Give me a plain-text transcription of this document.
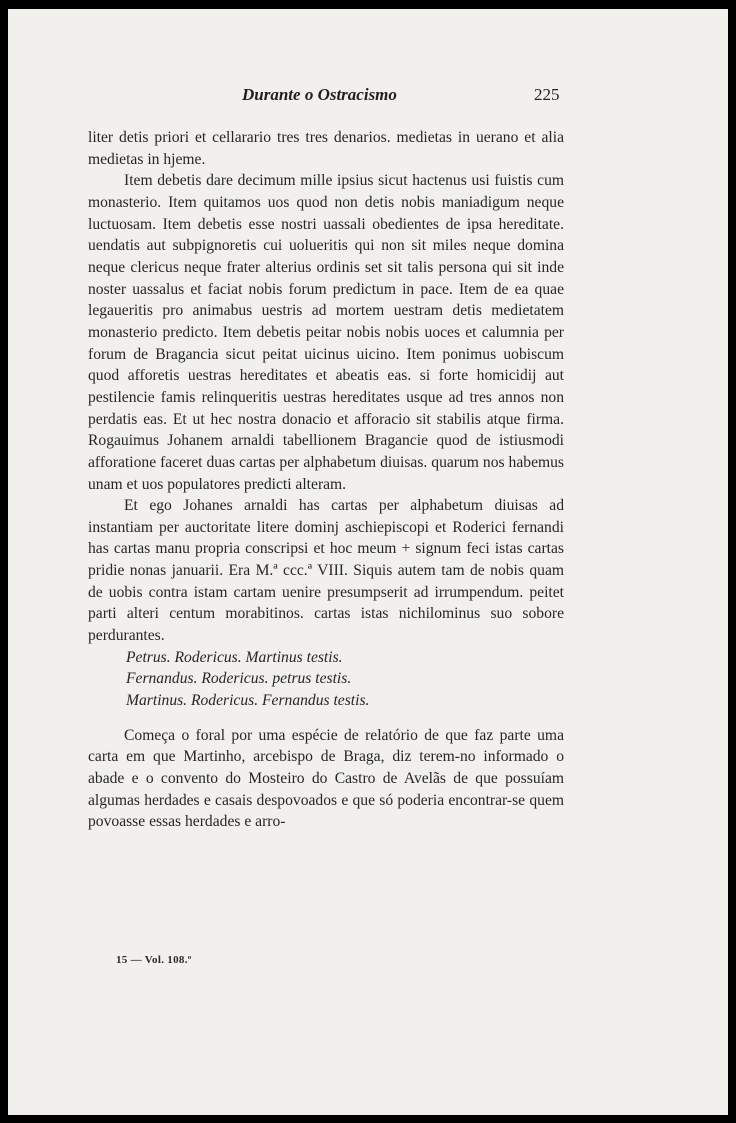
Durante o Ostracismo	225

liter detis priori et cellarario tres tres denarios. medietas in uerano et alia medietas in hjeme.

Item debetis dare decimum mille ipsius sicut hactenus usi fuistis cum monasterio. Item quitamos uos quod non detis nobis maniadigum neque luctuosam. Item debetis esse nostri uassali obedientes de ipsa hereditate. uendatis aut subpignoretis cui uolueritis qui non sit miles neque domina neque clericus neque frater alterius ordinis set sit talis persona qui sit inde noster uassalus et faciat nobis forum predictum in pace. Item de ea quae legaueritis pro animabus uestris ad mortem uestram detis medietatem monasterio predicto. Item debetis peitar nobis nobis uoces et calumnia per forum de Bragancia sicut peitat uicinus uicino. Item ponimus uobiscum quod afforetis uestras hereditates et abeatis eas. si forte homicidij aut pestilencie famis relinqueritis uestras hereditates usque ad tres annos non perdatis eas. Et ut hec nostra donacio et afforacio sit stabilis atque firma. Rogauimus Johanem arnaldi tabellionem Bragancie quod de istiusmodi afforatione faceret duas cartas per alphabetum diuisas. quarum nos habemus unam et uos populatores predicti alteram.

Et ego Johanes arnaldi has cartas per alphabetum diuisas ad instantiam per auctoritate litere dominj aschiepiscopi et Roderici fernandi has cartas manu propria conscripsi et hoc meum + signum feci istas cartas pridie nonas januarii. Era M.ª ccc.ª VIII. Siquis autem tam de nobis quam de uobis contra istam cartam uenire presumpserit ad irrumpendum. peitet parti alteri centum morabitinos. cartas istas nichilominus suo sobore perdurantes.

Petrus. Rodericus. Martinus testis.
Fernandus. Rodericus. petrus testis.
Martinus. Rodericus. Fernandus testis.

Começa o foral por uma espécie de relatório de que faz parte uma carta em que Martinho, arcebispo de Braga, diz terem-no informado o abade e o convento do Mosteiro do Castro de Avelãs de que possuíam algumas herdades e casais despovoados e que só poderia encontrar-se quem povoasse essas herdades e arro-

15 — Vol. 108.º
